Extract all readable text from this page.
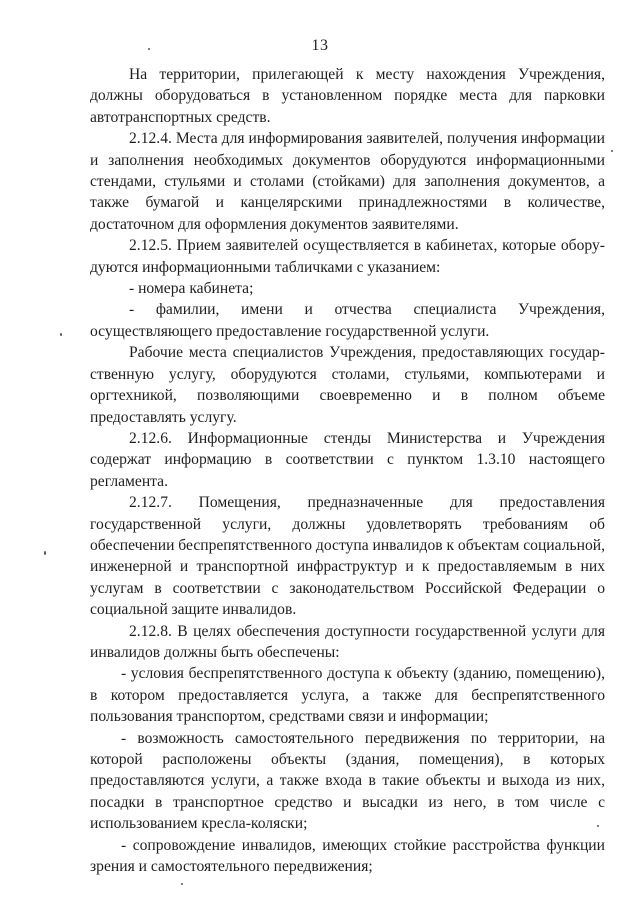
13

На территории, прилегающей к месту нахождения Учреждения, должны оборудоваться в установленном порядке места для парковки автотранспортных средств.

2.12.4. Места для информирования заявителей, получения информации и заполнения необходимых документов оборудуются информационными стендами, стульями и столами (стойками) для заполнения документов, а также бумагой и канцелярскими принадлежностями в количестве, достаточном для оформления документов заявителями.

2.12.5. Прием заявителей осуществляется в кабинетах, которые оборудуются информационными табличками с указанием:

- номера кабинета;

- фамилии, имени и отчества специалиста Учреждения, осуществляющего предоставление государственной услуги.

Рабочие места специалистов Учреждения, предоставляющих государственную услугу, оборудуются столами, стульями, компьютерами и оргтехникой, позволяющими своевременно и в полном объеме предоставлять услугу.

2.12.6. Информационные стенды Министерства и Учреждения содержат информацию в соответствии с пунктом 1.3.10 настоящего регламента.

2.12.7. Помещения, предназначенные для предоставления государственной услуги, должны удовлетворять требованиям об обеспечении беспрепятственного доступа инвалидов к объектам социальной, инженерной и транспортной инфраструктур и к предоставляемым в них услугам в соответствии с законодательством Российской Федерации о социальной защите инвалидов.

2.12.8. В целях обеспечения доступности государственной услуги для инвалидов должны быть обеспечены:

- условия беспрепятственного доступа к объекту (зданию, помещению),
в котором предоставляется услуга, а также для беспрепятственного
пользования транспортом, средствами связи и информации;
- возможность самостоятельного передвижения по территории, на
которой расположены объекты (здания, помещения), в которых
предоставляются услуги, а также входа в такие объекты и выхода из них,
посадки в транспортное средство и высадки из него, в том числе с
использованием кресла-коляски;
- сопровождение инвалидов, имеющих стойкие расстройства функции
зрения и самостоятельного передвижения;
